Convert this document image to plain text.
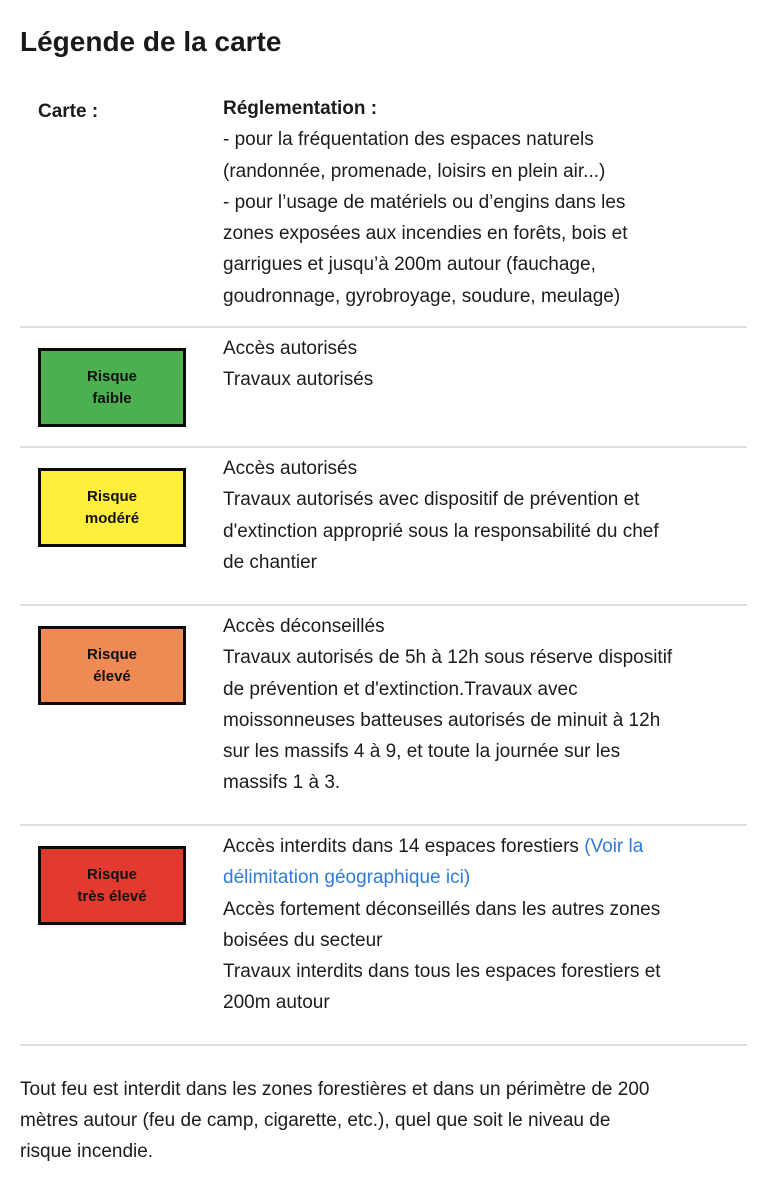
Légende de la carte
Carte :	Réglementation :
- pour la fréquentation des espaces naturels
(randonnée, promenade, loisirs en plein air...)
- pour l’usage de matériels ou d’engins dans les
zones exposées aux incendies en forêts, bois et
garrigues et jusqu’à 200m autour (fauchage,
goudronnage, gyrobroyage, soudure, meulage)
Risque
faible
Accès autorisés
Travaux autorisés
Risque
modéré
Accès autorisés
Travaux autorisés avec dispositif de prévention et
d'extinction approprié sous la responsabilité du chef
de chantier
Risque
élevé
Accès déconseillés
Travaux autorisés de 5h à 12h sous réserve dispositif
de prévention et d'extinction.Travaux avec
moissonneuses batteuses autorisés de minuit à 12h
sur les massifs 4 à 9, et toute la journée sur les
massifs 1 à 3.
Risque
très élevé
Accès interdits dans 14 espaces forestiers (Voir la
délimitation géographique ici)
Accès fortement déconseillés dans les autres zones
boisées du secteur
Travaux interdits dans tous les espaces forestiers et
200m autour
Tout feu est interdit dans les zones forestières et dans un périmètre de 200
mètres autour (feu de camp, cigarette, etc.), quel que soit le niveau de
risque incendie.
